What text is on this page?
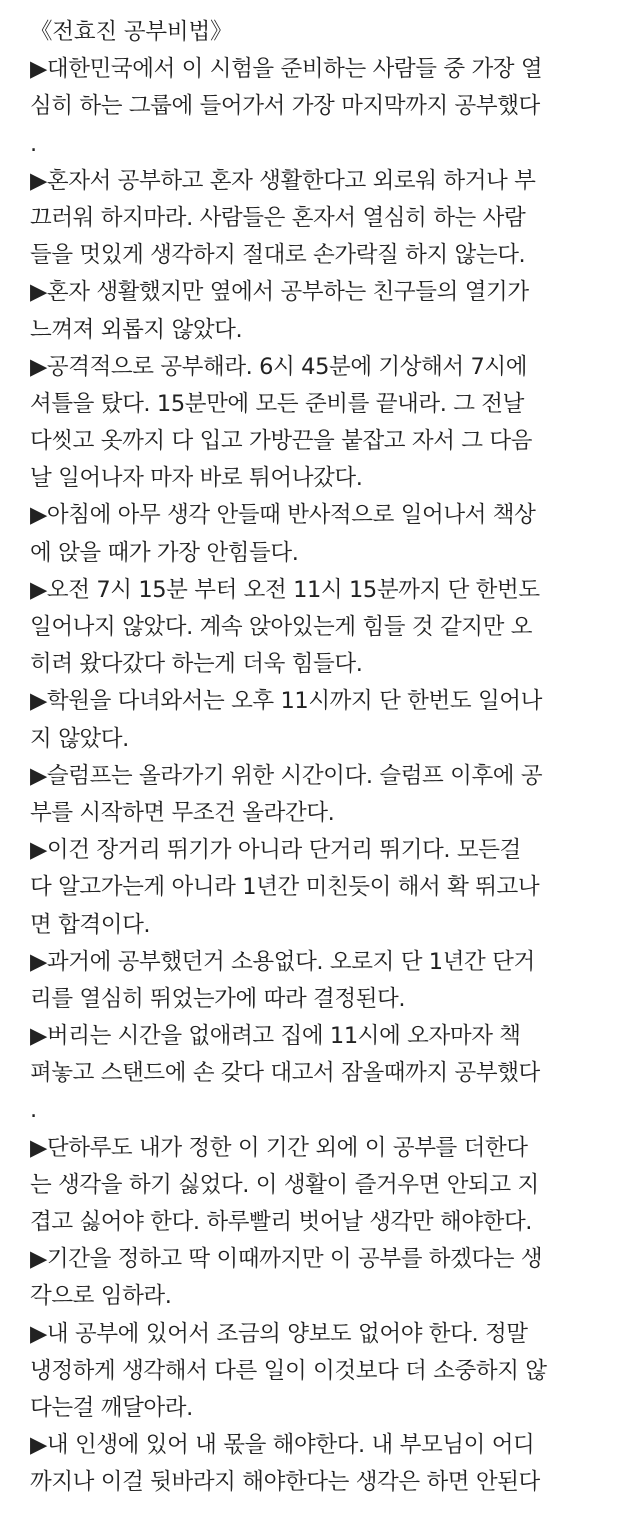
《전효진 공부비법》
▶대한민국에서 이 시험을 준비하는 사람들 중 가장 열
심히 하는 그룹에 들어가서 가장 마지막까지 공부했다
.
▶혼자서 공부하고 혼자 생활한다고 외로워 하거나 부
끄러워 하지마라. 사람들은 혼자서 열심히 하는 사람
들을 멋있게 생각하지 절대로 손가락질 하지 않는다.
▶혼자 생활했지만 옆에서 공부하는 친구들의 열기가
느껴져 외롭지 않았다.
▶공격적으로 공부해라. 6시 45분에 기상해서 7시에
셔틀을 탔다. 15분만에 모든 준비를 끝내라. 그 전날
다씻고 옷까지 다 입고 가방끈을 붙잡고 자서 그 다음
날 일어나자 마자 바로 튀어나갔다.
▶아침에 아무 생각 안들때 반사적으로 일어나서 책상
에 앉을 때가 가장 안힘들다.
▶오전 7시 15분 부터 오전 11시 15분까지 단 한번도
일어나지 않았다. 계속 앉아있는게 힘들 것 같지만 오
히려 왔다갔다 하는게 더욱 힘들다.
▶학원을 다녀와서는 오후 11시까지 단 한번도 일어나
지 않았다.
▶슬럼프는 올라가기 위한 시간이다. 슬럼프 이후에 공
부를 시작하면 무조건 올라간다.
▶이건 장거리 뛰기가 아니라 단거리 뛰기다. 모든걸
다 알고가는게 아니라 1년간 미친듯이 해서 확 뛰고나
면 합격이다.
▶과거에 공부했던거 소용없다. 오로지 단 1년간 단거
리를 열심히 뛰었는가에 따라 결정된다.
▶버리는 시간을 없애려고 집에 11시에 오자마자 책
펴놓고 스탠드에 손 갖다 대고서 잠올때까지 공부했다
.
▶단하루도 내가 정한 이 기간 외에 이 공부를 더한다
는 생각을 하기 싫었다. 이 생활이 즐거우면 안되고 지
겹고 싫어야 한다. 하루빨리 벗어날 생각만 해야한다.
▶기간을 정하고 딱 이때까지만 이 공부를 하겠다는 생
각으로 임하라.
▶내 공부에 있어서 조금의 양보도 없어야 한다. 정말
냉정하게 생각해서 다른 일이 이것보다 더 소중하지 않
다는걸 깨달아라.
▶내 인생에 있어 내 몫을 해야한다. 내 부모님이 어디
까지나 이걸 뒷바라지 해야한다는 생각은 하면 안된다
